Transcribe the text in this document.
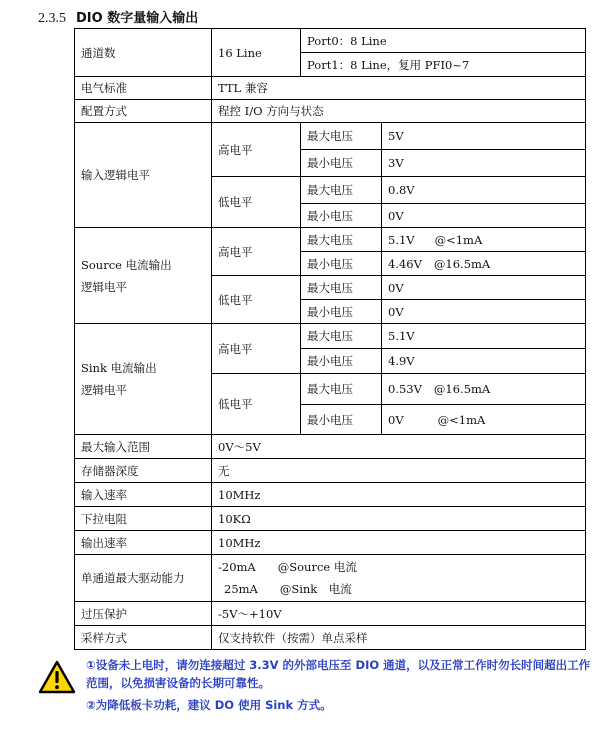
2.3.5 DIO 数字量输入输出
通道数	16 Line	Port0：8 Line	
		Port1：8 Line，复用 PFI0~7	
电气标准	TTL 兼容		
配置方式	程控 I/O 方向与状态		
输入逻辑电平	高电平	最大电压	5V
		最小电压	3V
	低电平	最大电压	0.8V
		最小电压	0V

Source 电流输出
逻辑电平	高电平	最大电压	5.1V @<1mA
		最小电压	4.46V @16.5mA
	低电平	最大电压	0V
		最小电压	0V

Sink 电流输出
逻辑电平	高电平	最大电压	5.1V
		最小电压	4.9V
	低电平	最大电压	0.53V @16.5mA
		最小电压	0V @<1mA
最大输入范围	0V～5V		
存储器深度	无		
输入速率	10MHz		
下拉电阻	10KΩ		
输出速率	10MHz		
单通道最大驱动能力	-20mA @Source 电流
25mA @Sink　电流		

过压保护	-5V～+10V		
采样方式	仅支持软件（按需）单点采样		

①设备未上电时，请勿连接超过 3.3V 的外部电压至 DIO 通道，以及正常工作时勿长时间超出工作范围，以免损害设备的长期可靠性。

②为降低板卡功耗，建议 DO 使用 Sink 方式。
